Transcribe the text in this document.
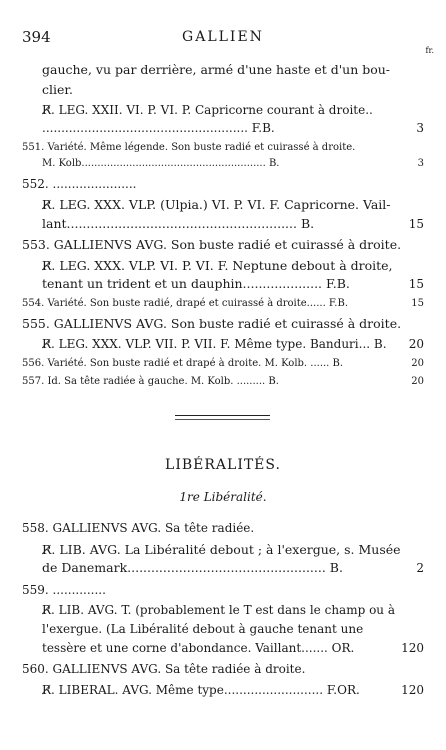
394	GALLIEN
fr.
gauche, vu par derrière, armé d'une haste et d'un bou-
clier.
R̸. LEG. XXII. VI. P. VI. P. Capricorne courant à droite..
...................................................... F.B.	3
551. Variété. Même légende. Son buste radié et cuirassé à droite.
M. Kolb.......................................................... B.	3
552. ......................
R̸. LEG. XXX. VLP. (Ulpia.) VI. P. VI. F. Capricorne. Vail-
lant.......................................................... B.	15
553. GALLIENVS AVG. Son buste radié et cuirassé à droite.
R̸. LEG. XXX. VLP. VI. P. VI. F. Neptune debout à droite,
tenant un trident et un dauphin.................... F.B.	15
554. Variété. Son buste radié, drapé et cuirassé à droite...... F.B.	15
555. GALLIENVS AVG. Son buste radié et cuirassé à droite.
R̸. LEG. XXX. VLP. VII. P. VII. F. Même type. Banduri... B.	20
556. Variété. Son buste radié et drapé à droite. M. Kolb. ...... B.	20
557. Id. Sa tête radiée à gauche. M. Kolb. ......... B.	20
LIBÉRALITÉS.
1re Libéralité.
558. GALLIENVS AVG. Sa tête radiée.
R̸. LIB. AVG. La Libéralité debout ; à l'exergue, s. Musée
de Danemark.................................................. B.	2
559. ..............
R̸. LIB. AVG. T. (probablement le T est dans le champ ou à
l'exergue. (La Libéralité debout à gauche tenant une
tessère et une corne d'abondance. Vaillant....... OR.	120
560. GALLIENVS AVG. Sa tête radiée à droite.
R̸. LIBERAL. AVG. Même type.......................... F.OR.	120
